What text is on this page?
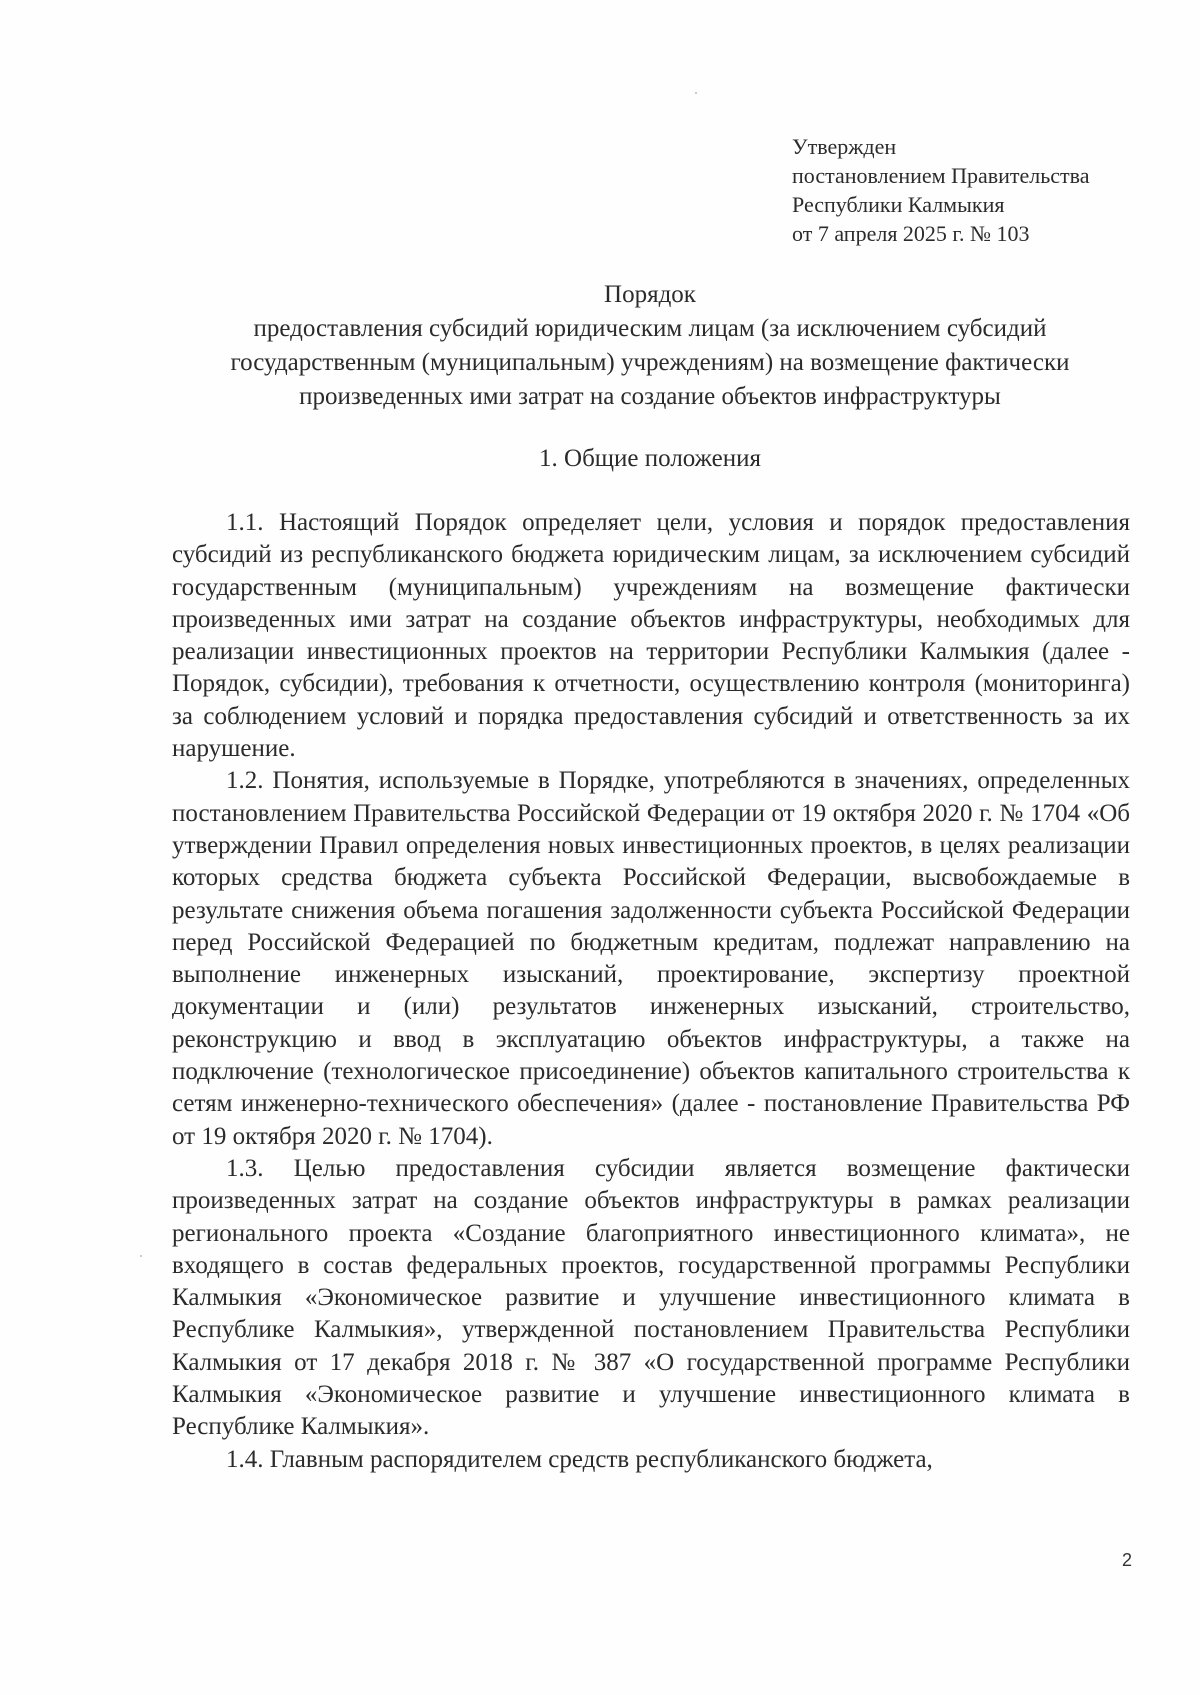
Утвержден
постановлением Правительства
Республики Калмыкия
от 7 апреля 2025 г. № 103
Порядок
предоставления субсидий юридическим лицам (за исключением субсидий государственным (муниципальным) учреждениям) на возмещение фактически произведенных ими затрат на создание объектов инфраструктуры
1. Общие положения

1.1. Настоящий Порядок определяет цели, условия и порядок предоставления субсидий из республиканского бюджета юридическим лицам, за исключением субсидий государственным (муниципальным) учреждениям на возмещение фактически произведенных ими затрат на создание объектов инфраструктуры, необходимых для реализации инвестиционных проектов на территории Республики Калмыкия (далее - Порядок, субсидии), требования к отчетности, осуществлению контроля (мониторинга) за соблюдением условий и порядка предоставления субсидий и ответственность за их нарушение.

1.2. Понятия, используемые в Порядке, употребляются в значениях, определенных постановлением Правительства Российской Федерации от 19 октября 2020 г. № 1704 «Об утверждении Правил определения новых инвестиционных проектов, в целях реализации которых средства бюджета субъекта Российской Федерации, высвобождаемые в результате снижения объема погашения задолженности субъекта Российской Федерации перед Российской Федерацией по бюджетным кредитам, подлежат направлению на выполнение инженерных изысканий, проектирование, экспертизу проектной документации и (или) результатов инженерных изысканий, строительство, реконструкцию и ввод в эксплуатацию объектов инфраструктуры, а также на подключение (технологическое присоединение) объектов капитального строительства к сетям инженерно-технического обеспечения» (далее - постановление Правительства РФ от 19 октября 2020 г. № 1704).

1.3. Целью предоставления субсидии является возмещение фактически произведенных затрат на создание объектов инфраструктуры в рамках реализации регионального проекта «Создание благоприятного инвестиционного климата», не входящего в состав федеральных проектов, государственной программы Республики Калмыкия «Экономическое развитие и улучшение инвестиционного климата в Республике Калмыкия», утвержденной постановлением Правительства Республики Калмыкия от 17 декабря 2018 г. № 387 «О государственной программе Республики Калмыкия «Экономическое развитие и улучшение инвестиционного климата в Республике Калмыкия».

1.4. Главным распорядителем средств республиканского бюджета,

2
